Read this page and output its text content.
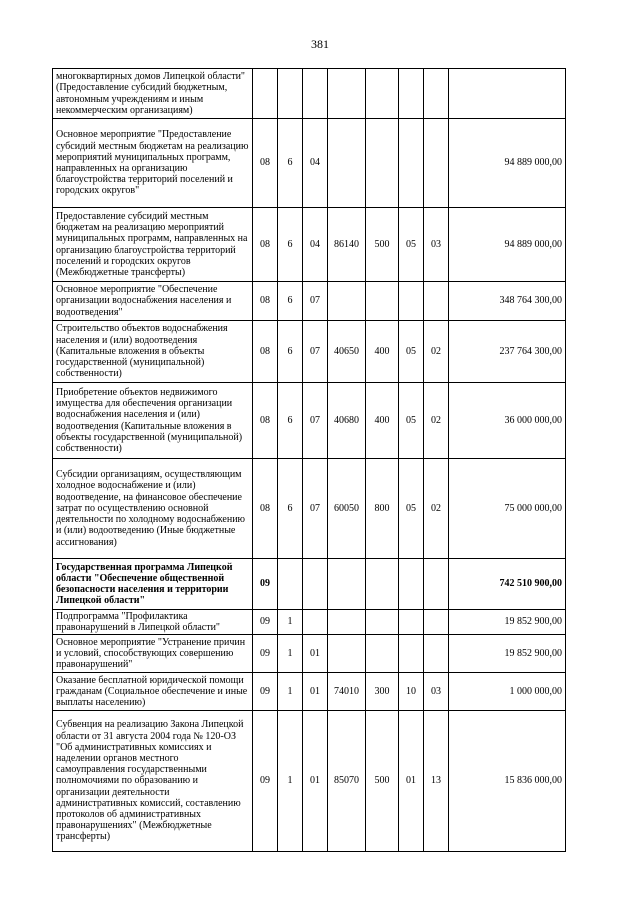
381
многоквартирных домов Липецкой области" (Предоставление субсидий бюджетным, автономным учреждениям и иным некоммерческим организациям)								
Основное мероприятие "Предоставление субсидий местным бюджетам на реализацию мероприятий муниципальных программ, направленных на организацию благоустройства территорий поселений и городских округов"	08	6	04					94 889 000,00
Предоставление субсидий местным бюджетам на реализацию мероприятий муниципальных программ, направленных на организацию благоустройства территорий поселений и городских округов (Межбюджетные трансферты)	08	6	04	86140	500	05	03	94 889 000,00
Основное мероприятие "Обеспечение организации водоснабжения населения и водоотведения"	08	6	07					348 764 300,00
Строительство объектов водоснабжения населения и (или) водоотведения (Капитальные вложения в объекты государственной (муниципальной) собственности)	08	6	07	40650	400	05	02	237 764 300,00
Приобретение объектов недвижимого имущества для обеспечения организации водоснабжения населения и (или) водоотведения (Капитальные вложения в объекты государственной (муниципальной) собственности)	08	6	07	40680	400	05	02	36 000 000,00
Субсидии организациям, осуществляющим холодное водоснабжение и (или) водоотведение, на финансовое обеспечение затрат по осуществлению основной деятельности по холодному водоснабжению и (или) водоотведению (Иные бюджетные ассигнования)	08	6	07	60050	800	05	02	75 000 000,00
Государственная программа Липецкой области "Обеспечение общественной безопасности населения и территории Липецкой области"	09							742 510 900,00
Подпрограмма "Профилактика правонарушений в Липецкой области"	09	1						19 852 900,00
Основное мероприятие "Устранение причин и условий, способствующих совершению правонарушений"	09	1	01					19 852 900,00
Оказание бесплатной юридической помощи гражданам (Социальное обеспечение и иные выплаты населению)	09	1	01	74010	300	10	03	1 000 000,00
Субвенция на реализацию Закона Липецкой области от 31 августа 2004 года № 120-ОЗ "Об административных комиссиях и наделении органов местного самоуправления государственными полномочиями по образованию и организации деятельности административных комиссий, составлению протоколов об административных правонарушениях" (Межбюджетные трансферты)	09	1	01	85070	500	01	13	15 836 000,00
